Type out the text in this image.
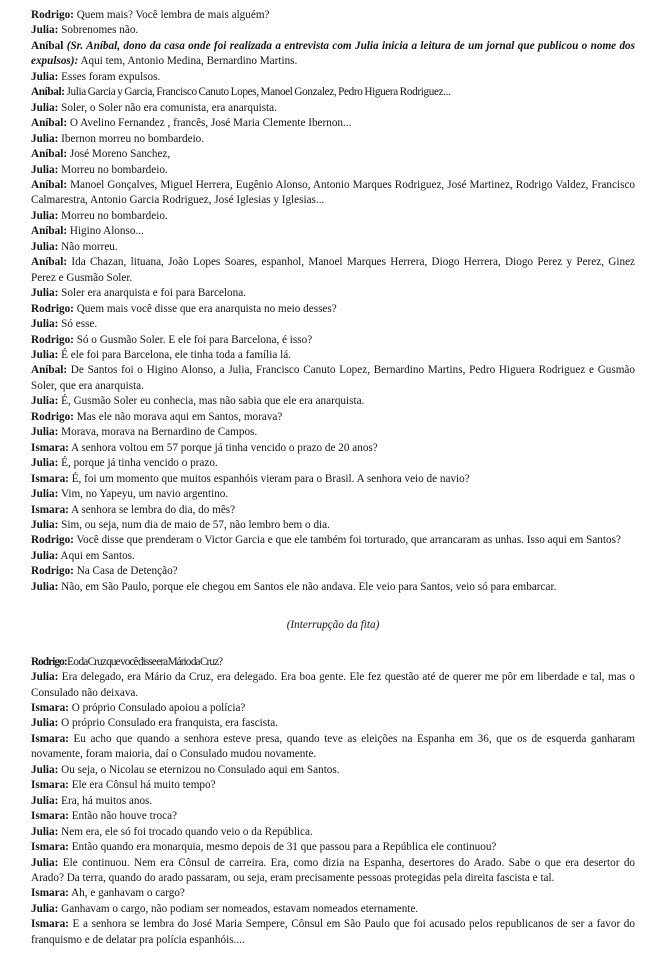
Rodrigo: Quem mais? Você lembra de mais alguém?

Julia: Sobrenomes não.

Aníbal (Sr. Aníbal, dono da casa onde foi realizada a entrevista com Julia inicia a leitura de um jornal que publicou o nome dos expulsos): Aqui tem, Antonio Medina, Bernardino Martins.

Julia: Esses foram expulsos.

Aníbal: Julia Garcia y Garcia, Francisco Canuto Lopes, Manoel Gonzalez, Pedro Higuera Rodriguez...

Julia: Soler, o Soler não era comunista, era anarquista.

Aníbal: O Avelino Fernandez , francês, José Maria Clemente Ibernon...

Julia: Ibernon morreu no bombardeio.

Aníbal: José Moreno Sanchez,

Julia: Morreu no bombardeio.

Aníbal: Manoel Gonçalves, Miguel Herrera, Eugênio Alonso, Antonio Marques Rodriguez, José Martinez, Rodrigo Valdez, Francisco Calmarestra, Antonio Garcia Rodriguez, José Iglesias y Iglesias...

Julia: Morreu no bombardeio.

Aníbal: Higino Alonso...

Julia: Não morreu.

Aníbal: Ida Chazan, lituana, João Lopes Soares, espanhol, Manoel Marques Herrera, Diogo Herrera, Diogo Perez y Perez, Ginez Perez e Gusmão Soler.

Julia: Soler era anarquista e foi para Barcelona.

Rodrigo: Quem mais você disse que era anarquista no meio desses?

Julia: Só esse.

Rodrigo: Só o Gusmão Soler. E ele foi para Barcelona, é isso?

Julia: É ele foi para Barcelona, ele tinha toda a família lá.

Aníbal: De Santos foi o Higino Alonso, a Julia, Francisco Canuto Lopez, Bernardino Martins, Pedro Higuera Rodriguez e Gusmão Soler, que era anarquista.

Julia: É, Gusmão Soler eu conhecia, mas não sabia que ele era anarquista.

Rodrigo: Mas ele não morava aqui em Santos, morava?

Julia: Morava, morava na Bernardino de Campos.

Ismara: A senhora voltou em 57 porque já tinha vencido o prazo de 20 anos?

Julia: É, porque já tinha vencido o prazo.

Ismara: É, foi um momento que muitos espanhóis vieram para o Brasil. A senhora veio de navio?

Julia: Vim, no Yapeyu, um navio argentino.

Ismara: A senhora se lembra do dia, do mês?

Julia: Sim, ou seja, num dia de maio de 57, não lembro bem o dia.

Rodrigo: Você disse que prenderam o Victor Garcia e que ele também foi torturado, que arrancaram as unhas. Isso aqui em Santos?

Julia: Aqui em Santos.

Rodrigo: Na Casa de Detenção?

Julia: Não, em São Paulo, porque ele chegou em Santos ele não andava. Ele veio para Santos, veio só para embarcar.

(Interrupção da fita)

Rodrigo: E o da Cruz que você disse era Mário da Cruz?

Julia: Era delegado, era Mário da Cruz, era delegado. Era boa gente. Ele fez questão até de querer me pôr em liberdade e tal, mas o Consulado não deixava.

Ismara: O próprio Consulado apoiou a polícia?

Julia: O próprio Consulado era franquista, era fascista.

Ismara: Eu acho que quando a senhora esteve presa, quando teve as eleições na Espanha em 36, que os de esquerda ganharam novamente, foram maioria, daí o Consulado mudou novamente.

Julia: Ou seja, o Nicolau se eternizou no Consulado aqui em Santos.

Ismara: Ele era Cônsul há muito tempo?

Julia: Era, há muitos anos.

Ismara: Então não houve troca?

Julia: Nem era, ele só foi trocado quando veio o da República.

Ismara: Então quando era monarquia, mesmo depois de 31 que passou para a República ele continuou?

Julia: Ele continuou. Nem era Cônsul de carreira. Era, como dizia na Espanha, desertores do Arado. Sabe o que era desertor do Arado? Da terra, quando do arado passaram, ou seja, eram precisamente pessoas protegidas pela direita fascista e tal.

Ismara: Ah, e ganhavam o cargo?

Julia: Ganhavam o cargo, não podiam ser nomeados, estavam nomeados eternamente.

Ismara: E a senhora se lembra do José Maria Sempere, Cônsul em São Paulo que foi acusado pelos republicanos de ser a favor do franquismo e de delatar pra polícia espanhóis....
